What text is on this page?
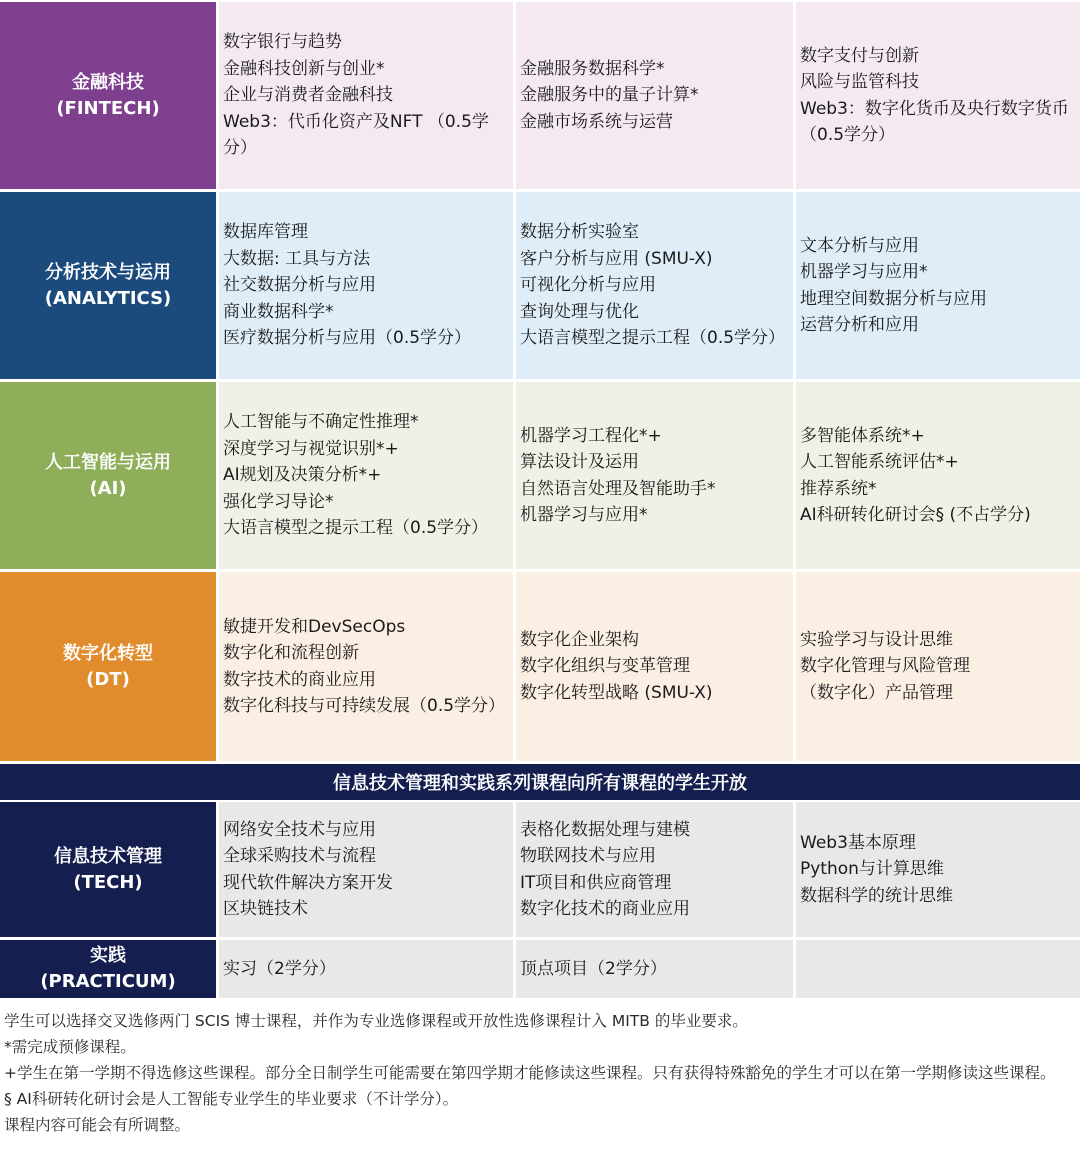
金融科技
(FINTECH)
数字银行与趋势
金融科技创新与创业*
企业与消费者金融科技
Web3：代币化资产及NFT （0.5学分）
金融服务数据科学*
金融服务中的量子计算*
金融市场系统与运营
数字支付与创新
风险与监管科技
Web3：数字化货币及央行数字货币 （0.5学分）
分析技术与运用
(ANALYTICS)
数据库管理
大数据: 工具与方法
社交数据分析与应用
商业数据科学*
医疗数据分析与应用（0.5学分）
数据分析实验室
客户分析与应用 (SMU-X)
可视化分析与应用
查询处理与优化
大语言模型之提示工程（0.5学分）
文本分析与应用
机器学习与应用*
地理空间数据分析与应用
运营分析和应用
人工智能与运用
(AI)
人工智能与不确定性推理*
深度学习与视觉识别*+
AI规划及决策分析*+
强化学习导论*
大语言模型之提示工程（0.5学分）
机器学习工程化*+
算法设计及运用
自然语言处理及智能助手*
机器学习与应用*
多智能体系统*+
人工智能系统评估*+
推荐系统*
AI科研转化研讨会§ (不占学分)
数字化转型
(DT)
敏捷开发和DevSecOps
数字化和流程创新
数字技术的商业应用
数字化科技与可持续发展（0.5学分）
数字化企业架构
数字化组织与变革管理
数字化转型战略 (SMU-X)
实验学习与设计思维
数字化管理与风险管理
（数字化）产品管理
信息技术管理和实践系列课程向所有课程的学生开放
信息技术管理
(TECH)
网络安全技术与应用
全球采购技术与流程
现代软件解决方案开发
区块链技术
表格化数据处理与建模
物联网技术与应用
IT项目和供应商管理
数字化技术的商业应用
Web3基本原理
Python与计算思维
数据科学的统计思维
实践
(PRACTICUM)
实习（2学分）	顶点项目（2学分）
学生可以选择交叉选修两门 SCIS 博士课程，并作为专业选修课程或开放性选修课程计入 MITB 的毕业要求。
*需完成预修课程。
+学生在第一学期不得选修这些课程。部分全日制学生可能需要在第四学期才能修读这些课程。只有获得特殊豁免的学生才可以在第一学期修读这些课程。
§ AI科研转化研讨会是人工智能专业学生的毕业要求（不计学分）。
课程内容可能会有所调整。
